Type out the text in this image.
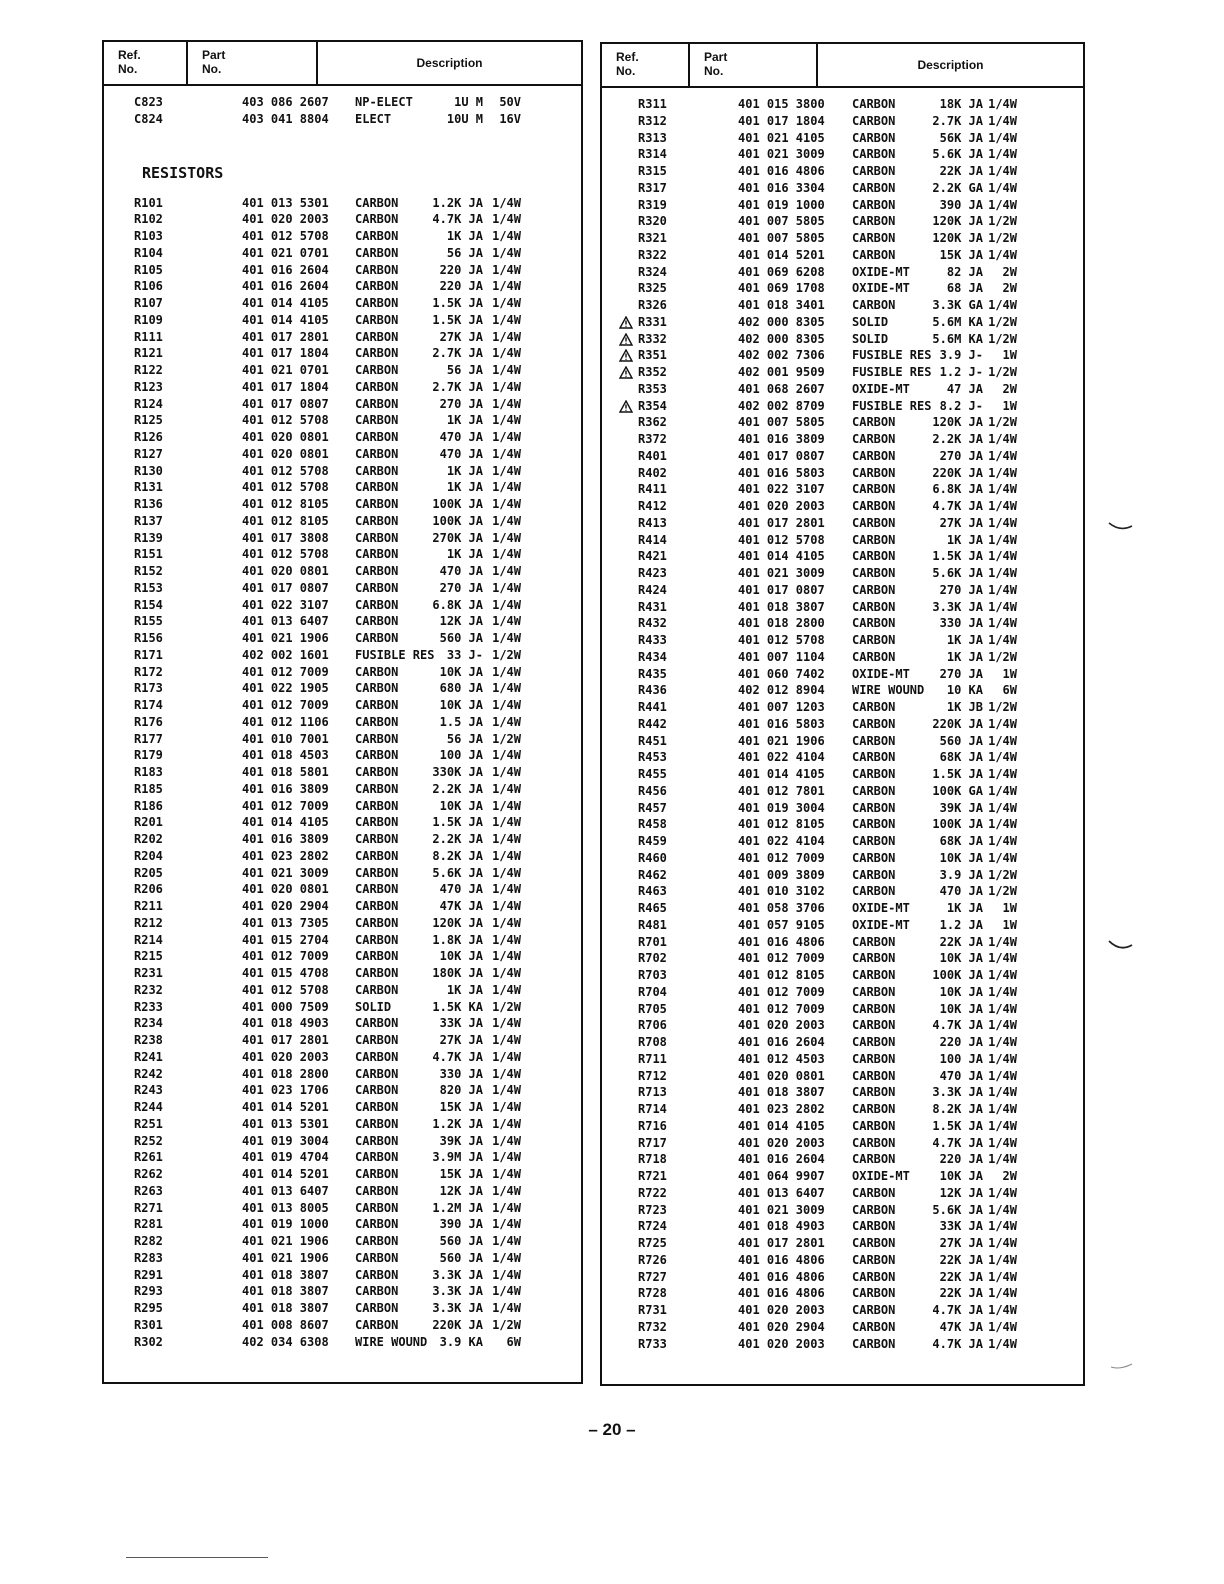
Ref.
No.
Part
No.	Description
RESISTORS
C823	403 086 2607 NP-ELECT	1U M 50V
C824	403 041 8804 ELECT	10U M 16V
R101	401 013 5301 CARBON	1.2K JA 1/4W
R102	401 020 2003 CARBON	4.7K JA 1/4W
R103	401 012 5708 CARBON	1K JA 1/4W
R104	401 021 0701 CARBON	56 JA 1/4W
R105	401 016 2604 CARBON	220 JA 1/4W
R106	401 016 2604 CARBON	220 JA 1/4W
R107	401 014 4105 CARBON	1.5K JA 1/4W
R109	401 014 4105 CARBON	1.5K JA 1/4W
R111	401 017 2801 CARBON	27K JA 1/4W
R121	401 017 1804 CARBON	2.7K JA 1/4W
R122	401 021 0701 CARBON	56 JA 1/4W
R123	401 017 1804 CARBON	2.7K JA 1/4W
R124	401 017 0807 CARBON	270 JA 1/4W
R125	401 012 5708 CARBON	1K JA 1/4W
R126	401 020 0801 CARBON	470 JA 1/4W
R127	401 020 0801 CARBON	470 JA 1/4W
R130	401 012 5708 CARBON	1K JA 1/4W
R131	401 012 5708 CARBON	1K JA 1/4W
R136	401 012 8105 CARBON	100K JA 1/4W
R137	401 012 8105 CARBON	100K JA 1/4W
R139	401 017 3808 CARBON	270K JA 1/4W
R151	401 012 5708 CARBON	1K JA 1/4W
R152	401 020 0801 CARBON	470 JA 1/4W
R153	401 017 0807 CARBON	270 JA 1/4W
R154	401 022 3107 CARBON	6.8K JA 1/4W
R155	401 013 6407 CARBON	12K JA 1/4W
R156	401 021 1906 CARBON	560 JA 1/4W
R171	402 002 1601 FUSIBLE RES 33 J- 1/2W
R172	401 012 7009 CARBON	10K JA 1/4W
R173	401 022 1905 CARBON	680 JA 1/4W
R174	401 012 7009 CARBON	10K JA 1/4W
R176	401 012 1106 CARBON	1.5 JA 1/4W
R177	401 010 7001 CARBON	56 JA 1/2W
R179	401 018 4503 CARBON	100 JA 1/4W
R183	401 018 5801 CARBON	330K JA 1/4W
R185	401 016 3809 CARBON	2.2K JA 1/4W
R186	401 012 7009 CARBON	10K JA 1/4W
R201	401 014 4105 CARBON	1.5K JA 1/4W
R202	401 016 3809 CARBON	2.2K JA 1/4W
R204	401 023 2802 CARBON	8.2K JA 1/4W
R205	401 021 3009 CARBON	5.6K JA 1/4W
R206	401 020 0801 CARBON	470 JA 1/4W
R211	401 020 2904 CARBON	47K JA 1/4W
R212	401 013 7305 CARBON	120K JA 1/4W
R214	401 015 2704 CARBON	1.8K JA 1/4W
R215	401 012 7009 CARBON	10K JA 1/4W
R231	401 015 4708 CARBON	180K JA 1/4W
R232	401 012 5708 CARBON	1K JA 1/4W
R233	401 000 7509 SOLID	1.5K KA 1/2W
R234	401 018 4903 CARBON	33K JA 1/4W
R238	401 017 2801 CARBON	27K JA 1/4W
R241	401 020 2003 CARBON	4.7K JA 1/4W
R242	401 018 2800 CARBON	330 JA 1/4W
R243	401 023 1706 CARBON	820 JA 1/4W
R244	401 014 5201 CARBON	15K JA 1/4W
R251	401 013 5301 CARBON	1.2K JA 1/4W
R252	401 019 3004 CARBON	39K JA 1/4W
R261	401 019 4704 CARBON	3.9M JA 1/4W
R262	401 014 5201 CARBON	15K JA 1/4W
R263	401 013 6407 CARBON	12K JA 1/4W
R271	401 013 8005 CARBON	1.2M JA 1/4W
R281	401 019 1000 CARBON	390 JA 1/4W
R282	401 021 1906 CARBON	560 JA 1/4W
R283	401 021 1906 CARBON	560 JA 1/4W
R291	401 018 3807 CARBON	3.3K JA 1/4W
R293	401 018 3807 CARBON	3.3K JA 1/4W
R295	401 018 3807 CARBON	3.3K JA 1/4W
R301	401 008 8607 CARBON	220K JA 1/2W
R302	402 034 6308 WIRE WOUND 3.9 KA 6W
Ref.
No.
Part
No.	Description
R311	401 015 3800 CARBON	18K JA 1/4W
R312	401 017 1804 CARBON	2.7K JA 1/4W
R313	401 021 4105 CARBON	56K JA 1/4W
R314	401 021 3009 CARBON	5.6K JA 1/4W
R315	401 016 4806 CARBON	22K JA 1/4W
R317	401 016 3304 CARBON	2.2K GA 1/4W
R319	401 019 1000 CARBON	390 JA 1/4W
R320	401 007 5805 CARBON	120K JA 1/2W
R321	401 007 5805 CARBON	120K JA 1/2W
R322	401 014 5201 CARBON	15K JA 1/4W
R324	401 069 6208 OXIDE-MT	82 JA 2W
R325	401 069 1708 OXIDE-MT	68 JA 2W
R326	401 018 3401 CARBON	3.3K GA 1/4W
R331	402 000 8305 SOLID	5.6M KA 1/2W
R332	402 000 8305 SOLID	5.6M KA 1/2W
R351	402 002 7306 FUSIBLE RES 3.9 J- 1W
R352	402 001 9509 FUSIBLE RES 1.2 J- 1/2W
R353	401 068 2607 OXIDE-MT	47 JA 2W
R354	402 002 8709 FUSIBLE RES 8.2 J- 1W
R362	401 007 5805 CARBON	120K JA 1/2W
R372	401 016 3809 CARBON	2.2K JA 1/4W
R401	401 017 0807 CARBON	270 JA 1/4W
R402	401 016 5803 CARBON	220K JA 1/4W
R411	401 022 3107 CARBON	6.8K JA 1/4W
R412	401 020 2003 CARBON	4.7K JA 1/4W
R413	401 017 2801 CARBON	27K JA 1/4W
R414	401 012 5708 CARBON	1K JA 1/4W
R421	401 014 4105 CARBON	1.5K JA 1/4W
R423	401 021 3009 CARBON	5.6K JA 1/4W
R424	401 017 0807 CARBON	270 JA 1/4W
R431	401 018 3807 CARBON	3.3K JA 1/4W
R432	401 018 2800 CARBON	330 JA 1/4W
R433	401 012 5708 CARBON	1K JA 1/4W
R434	401 007 1104 CARBON	1K JA 1/2W
R435	401 060 7402 OXIDE-MT 270 JA 1W
R436	402 012 8904 WIRE WOUND 10 KA 6W
R441	401 007 1203 CARBON	1K JB 1/2W
R442	401 016 5803 CARBON	220K JA 1/4W
R451	401 021 1906 CARBON	560 JA 1/4W
R453	401 022 4104 CARBON	68K JA 1/4W
R455	401 014 4105 CARBON	1.5K JA 1/4W
R456	401 012 7801 CARBON	100K GA 1/4W
R457	401 019 3004 CARBON	39K JA 1/4W
R458	401 012 8105 CARBON	100K JA 1/4W
R459	401 022 4104 CARBON	68K JA 1/4W
R460	401 012 7009 CARBON	10K JA 1/4W
R462	401 009 3809 CARBON	3.9 JA 1/2W
R463	401 010 3102 CARBON	470 JA 1/2W
R465	401 058 3706 OXIDE-MT	1K JA 1W
R481	401 057 9105 OXIDE-MT 1.2 JA 1W
R701	401 016 4806 CARBON	22K JA 1/4W
R702	401 012 7009 CARBON	10K JA 1/4W
R703	401 012 8105 CARBON	100K JA 1/4W
R704	401 012 7009 CARBON	10K JA 1/4W
R705	401 012 7009 CARBON	10K JA 1/4W
R706	401 020 2003 CARBON	4.7K JA 1/4W
R708	401 016 2604 CARBON	220 JA 1/4W
R711	401 012 4503 CARBON	100 JA 1/4W
R712	401 020 0801 CARBON	470 JA 1/4W
R713	401 018 3807 CARBON	3.3K JA 1/4W
R714	401 023 2802 CARBON	8.2K JA 1/4W
R716	401 014 4105 CARBON	1.5K JA 1/4W
R717	401 020 2003 CARBON	4.7K JA 1/4W
R718	401 016 2604 CARBON	220 JA 1/4W
R721	401 064 9907 OXIDE-MT 10K JA 2W
R722	401 013 6407 CARBON	12K JA 1/4W
R723	401 021 3009 CARBON	5.6K JA 1/4W
R724	401 018 4903 CARBON	33K JA 1/4W
R725	401 017 2801 CARBON	27K JA 1/4W
R726	401 016 4806 CARBON	22K JA 1/4W
R727	401 016 4806 CARBON	22K JA 1/4W
R728	401 016 4806 CARBON	22K JA 1/4W
R731	401 020 2003 CARBON	4.7K JA 1/4W
R732	401 020 2904 CARBON	47K JA 1/4W
R733	401 020 2003 CARBON	4.7K JA 1/4W
– 20 –
